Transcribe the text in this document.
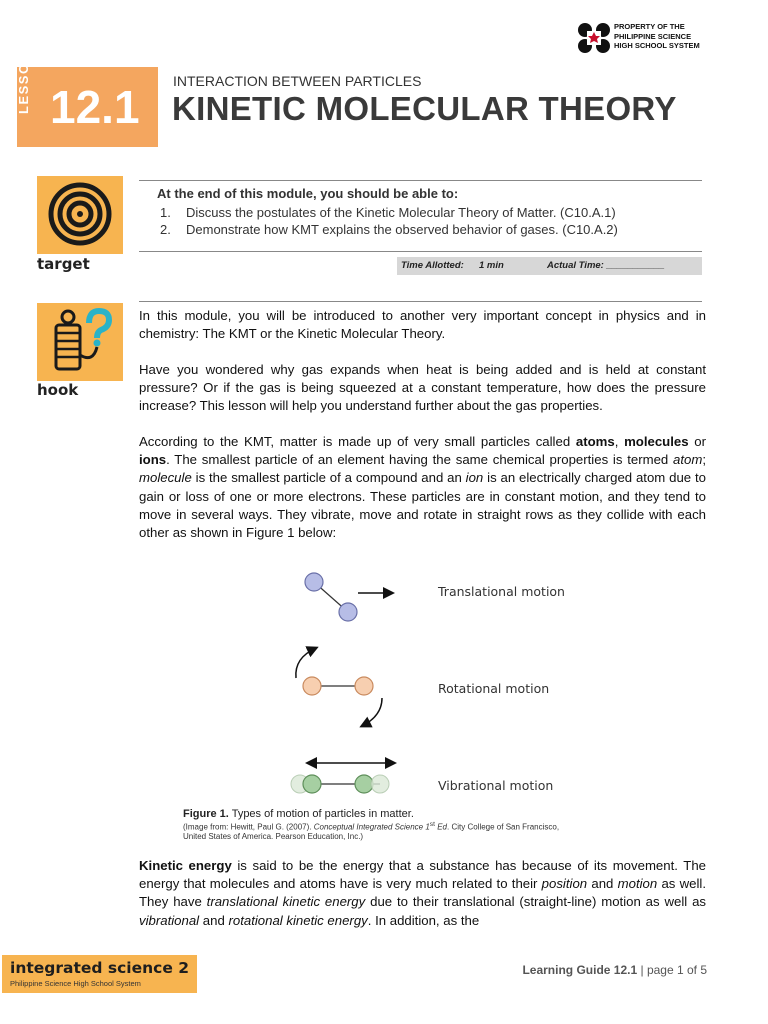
PROPERTY OF THE
PHILIPPINE SCIENCE
HIGH SCHOOL SYSTEM
LESSON 12.1 INTERACTION BETWEEN PARTICLES
KINETIC MOLECULAR THEORY
target
At the end of this module, you should be able to:
1. Discuss the postulates of the Kinetic Molecular Theory of Matter. (C10.A.1)
2. Demonstrate how KMT explains the observed behavior of gases. (C10.A.2)
Time Allotted: 1 min	Actual Time: ___________
hook

In this module, you will be introduced to another very important concept in physics and in chemistry: The KMT or the Kinetic Molecular Theory.

Have you wondered why gas expands when heat is being added and is held at constant pressure? Or if the gas is being squeezed at a constant temperature, how does the pressure increase? This lesson will help you understand further about the gas properties.

According to the KMT, matter is made up of very small particles called atoms, molecules or ions. The smallest particle of an element having the same chemical properties is termed atom; molecule is the smallest particle of a compound and an ion is an electrically charged atom due to gain or loss of one or more electrons. These particles are in constant motion, and they tend to move in several ways. They vibrate, move and rotate in straight rows as they collide with each other as shown in Figure 1 below:

Translational motion
Rotational motion
Vibrational motion
Figure 1. Types of motion of particles in matter.
(Image from: Hewitt, Paul G. (2007). Conceptual Integrated Science 1st Ed. City College of San Francisco,
United States of America. Pearson Education, Inc.)

Kinetic energy is said to be the energy that a substance has because of its movement. The energy that molecules and atoms have is very much related to their position and motion as well. They have translational kinetic energy due to their translational (straight-line) motion as well as vibrational and rotational kinetic energy. In addition, as the

integrated science 2
Philippine Science High School System
Learning Guide 12.1 | page 1 of 5
